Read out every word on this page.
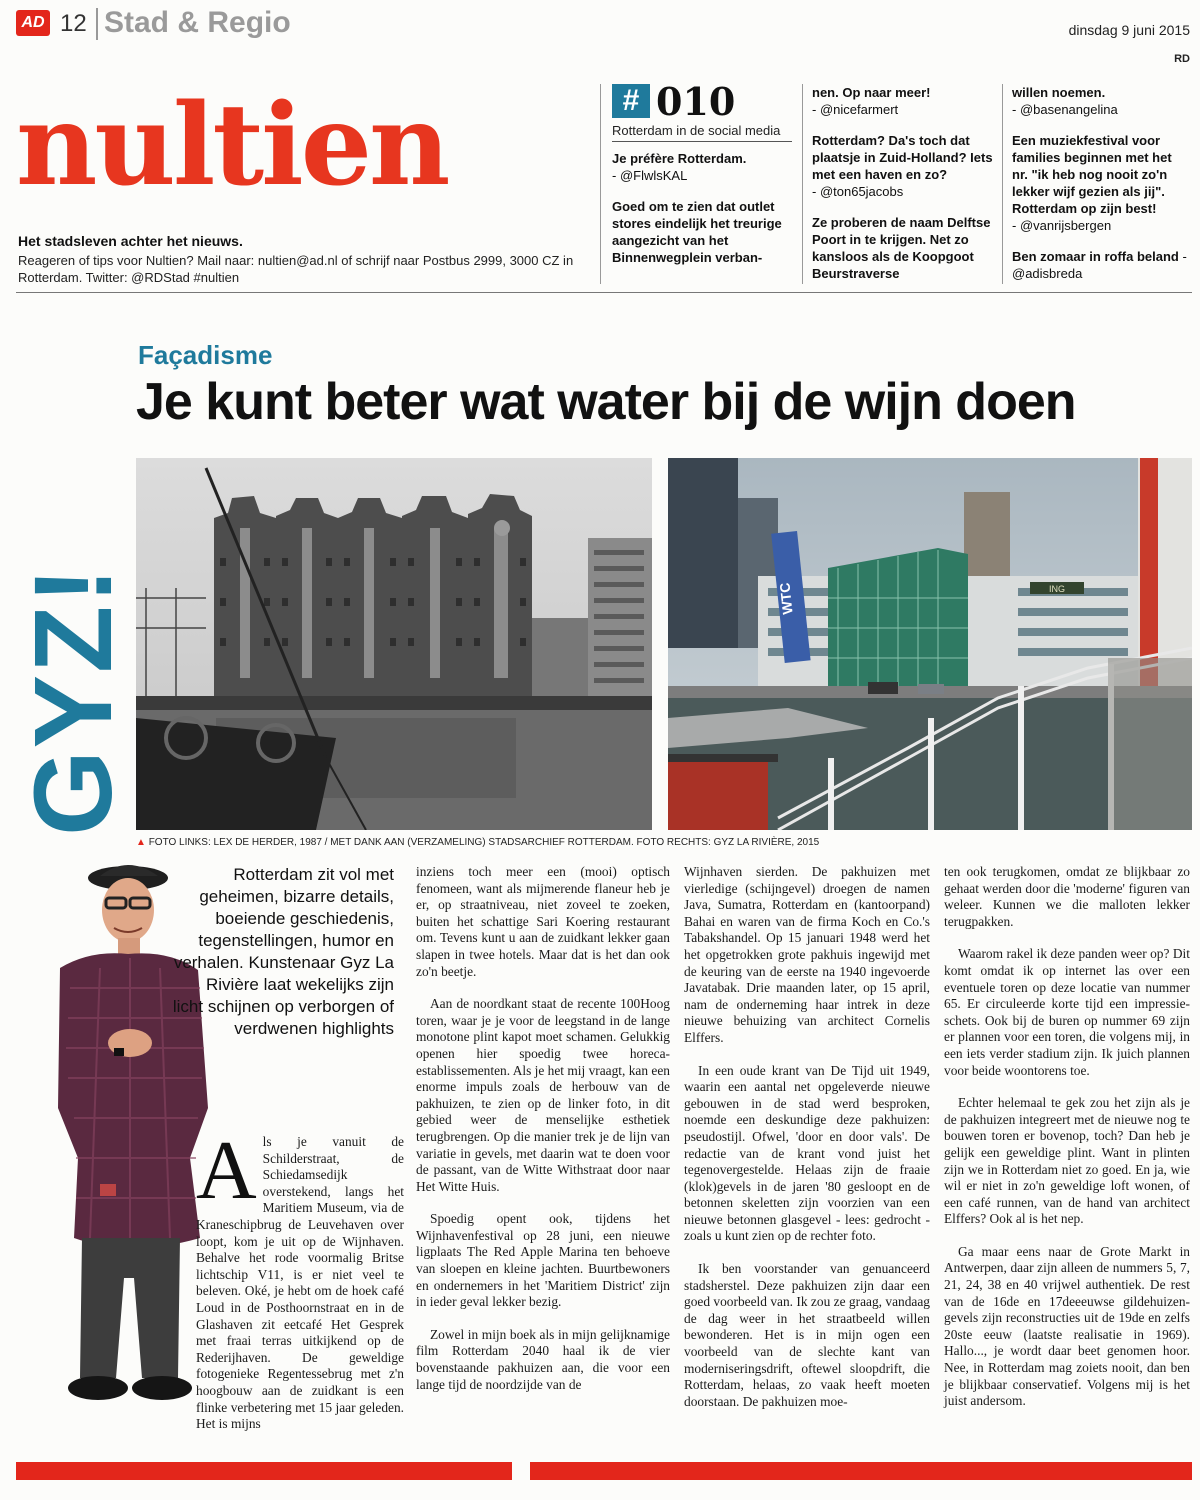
AD 12 Stad & Regio	dinsdag 9 juni 2015
RD
nultien
Het stadsleven achter het nieuws.
Reageren of tips voor Nultien? Mail naar: nultien@ad.nl of schrijf naar Postbus 2999, 3000 CZ in Rotterdam. Twitter: @RDStad #nultien
# 010
Rotterdam in de social media
Je préfère Rotterdam.
- @FlwlsKAL
Goed om te zien dat outlet stores eindelijk het treurige aangezicht van het Binnenwegplein verban-
nen. Op naar meer!
- @nicefarmert
Rotterdam? Da's toch dat plaatsje in Zuid-Holland? Iets met een haven en zo?
- @ton65jacobs
Ze proberen de naam Delftse Poort in te krijgen. Net zo kansloos als de Koopgoot Beurstraverse
willen noemen.
- @basenangelina
Een muziekfestival voor families beginnen met het nr. "ik heb nog nooit zo'n lekker wijf gezien als jij". Rotterdam op zijn best!
- @vanrijsbergen
Ben zomaar in roffa beland - @adisbreda
Façadisme
Je kunt beter wat water bij de wijn doen
GYZ!	WTC	ING
▲ FOTO LINKS: LEX DE HERDER, 1987 / MET DANK AAN (VERZAMELING) STADSARCHIEF ROTTERDAM. FOTO RECHTS: GYZ LA RIVIÈRE, 2015
Rotterdam zit vol met geheimen, bizarre details, boeiende geschiedenis, tegenstellingen, humor en verhalen. Kunstenaar Gyz La Rivière laat wekelijks zijn licht schijnen op verborgen of verdwenen highlights

Als je vanuit de Schilderstraat, de Schiedamsedijk overstekend, langs het Maritiem Museum, via de Kraneschipbrug de Leuvehaven over loopt, kom je uit op de Wijnhaven. Behalve het rode voormalig Britse lichtschip V11, is er niet veel te beleven. Oké, je hebt om de hoek café Loud in de Posthoornstraat en in de Glashaven zit eetcafé Het Gesprek met fraai terras uitkijkend op de Rederijhaven. De geweldige fotogenieke Regentessebrug met z'n hoogbouw aan de zuidkant is een flinke verbetering met 15 jaar geleden. Het is mijns

inziens toch meer een (mooi) optisch fenomeen, want als mijmerende flaneur heb je er, op straatniveau, niet zoveel te zoeken, buiten het schattige Sari Koering restaurant om. Tevens kunt u aan de zuidkant lekker gaan slapen in twee hotels. Maar dat is het dan ook zo'n beetje.

Aan de noordkant staat de recente 100Hoog toren, waar je je voor de leegstand in de lange monotone plint kapot moet schamen. Gelukkig openen hier spoedig twee horeca-establissementen. Als je het mij vraagt, kan een enorme impuls zoals de herbouw van de pakhuizen, te zien op de linker foto, in dit gebied weer de menselijke esthetiek terugbrengen. Op die manier trek je de lijn van variatie in gevels, met daarin wat te doen voor de passant, van de Witte Withstraat door naar Het Witte Huis.

Spoedig opent ook, tijdens het Wijnhavenfestival op 28 juni, een nieuwe ligplaats The Red Apple Marina ten behoeve van sloepen en kleine jachten. Buurtbewoners en ondernemers in het 'Maritiem District' zijn in ieder geval lekker bezig.

Zowel in mijn boek als in mijn gelijknamige film Rotterdam 2040 haal ik de vier bovenstaande pakhuizen aan, die voor een lange tijd de noordzijde van de

Wijnhaven sierden. De pakhuizen met vierledige (schijngevel) droegen de namen Java, Sumatra, Rotterdam en (kantoorpand) Bahai en waren van de firma Koch en Co.'s Tabakshandel. Op 15 januari 1948 werd het het opgetrokken grote pakhuis ingewijd met de keuring van de eerste na 1940 ingevoerde Javatabak. Drie maanden later, op 15 april, nam de onderneming haar intrek in deze nieuwe behuizing van architect Cornelis Elffers.

In een oude krant van De Tijd uit 1949, waarin een aantal net opgeleverde nieuwe gebouwen in de stad werd besproken, noemde een deskundige deze pakhuizen: pseudostijl. Ofwel, 'door en door vals'. De redactie van de krant vond juist het tegenovergestelde. Helaas zijn de fraaie (klok)gevels in de jaren '80 gesloopt en de betonnen skeletten zijn voorzien van een nieuwe betonnen glasgevel - lees: gedrocht - zoals u kunt zien op de rechter foto.

Ik ben voorstander van genuanceerd stadsherstel. Deze pakhuizen zijn daar een goed voorbeeld van. Ik zou ze graag, vandaag de dag weer in het straatbeeld willen bewonderen. Het is in mijn ogen een voorbeeld van de slechte kant van moderniseringsdrift, oftewel sloopdrift, die Rotterdam, helaas, zo vaak heeft moeten doorstaan. De pakhuizen moe-

ten ook terugkomen, omdat ze blijkbaar zo gehaat werden door die 'moderne' figuren van weleer. Kunnen we die malloten lekker terugpakken.

Waarom rakel ik deze panden weer op? Dit komt omdat ik op internet las over een eventuele toren op deze locatie van nummer 65. Er circuleerde korte tijd een impressie-schets. Ook bij de buren op nummer 69 zijn er plannen voor een toren, die volgens mij, in een iets verder stadium zijn. Ik juich plannen voor beide woontorens toe.

Echter helemaal te gek zou het zijn als je de pakhuizen integreert met de nieuwe nog te bouwen toren er bovenop, toch? Dan heb je gelijk een geweldige plint. Want in plinten zijn we in Rotterdam niet zo goed. En ja, wie wil er niet in zo'n geweldige loft wonen, of een café runnen, van de hand van architect Elffers? Ook al is het nep.

Ga maar eens naar de Grote Markt in Antwerpen, daar zijn alleen de nummers 5, 7, 21, 24, 38 en 40 vrijwel authentiek. De rest van de 16de en 17deeeuwse gildehuizen-gevels zijn reconstructies uit de 19de en zelfs 20ste eeuw (laatste realisatie in 1969). Hallo..., je wordt daar beet genomen hoor. Nee, in Rotterdam mag zoiets nooit, dan ben je blijkbaar conservatief. Volgens mij is het juist andersom.
